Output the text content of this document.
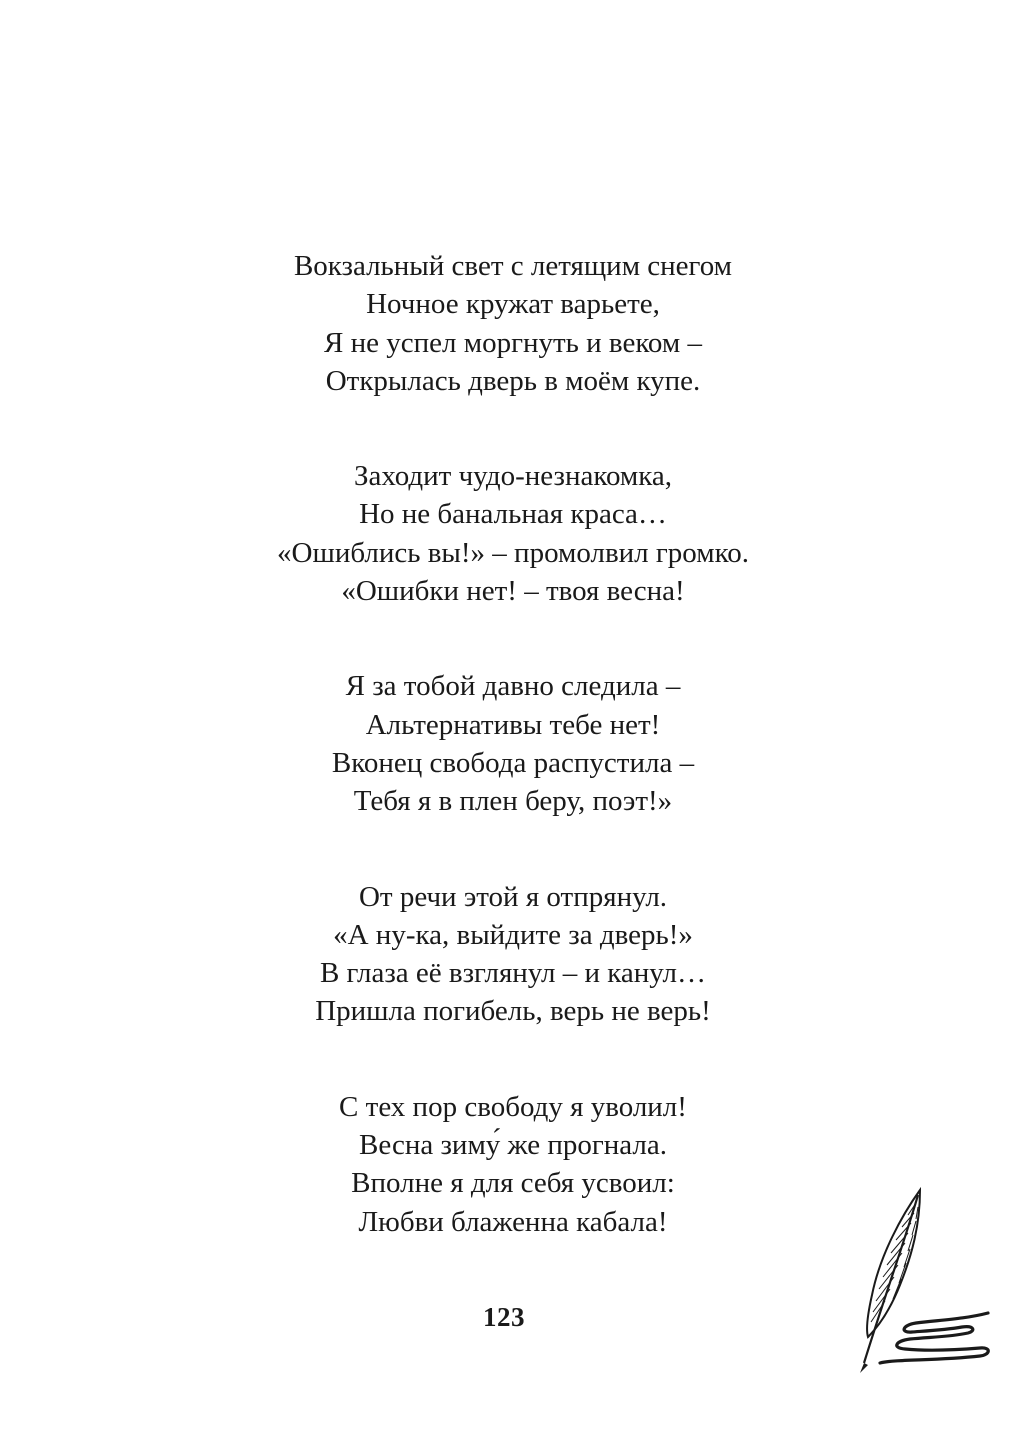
Вокзальный свет с летящим снегом
Ночное кружат варьете,
Я не успел моргнуть и веком –
Открылась дверь в моём купе.
Заходит чудо-незнакомка,
Но не банальная краса…
«Ошиблись вы!» – промолвил громко.
«Ошибки нет! – твоя весна!
Я за тобой давно следила –
Альтернативы тебе нет!
Вконец свобода распустила –
Тебя я в плен беру, поэт!»
От речи этой я отпрянул.
«А ну-ка, выйдите за дверь!»
В глаза её взглянул – и канул…
Пришла погибель, верь не верь!
С тех пор свободу я уволил!
Весна зиму́ же прогнала.
Вполне я для себя усвоил:
Любви блаженна кабала!
123
